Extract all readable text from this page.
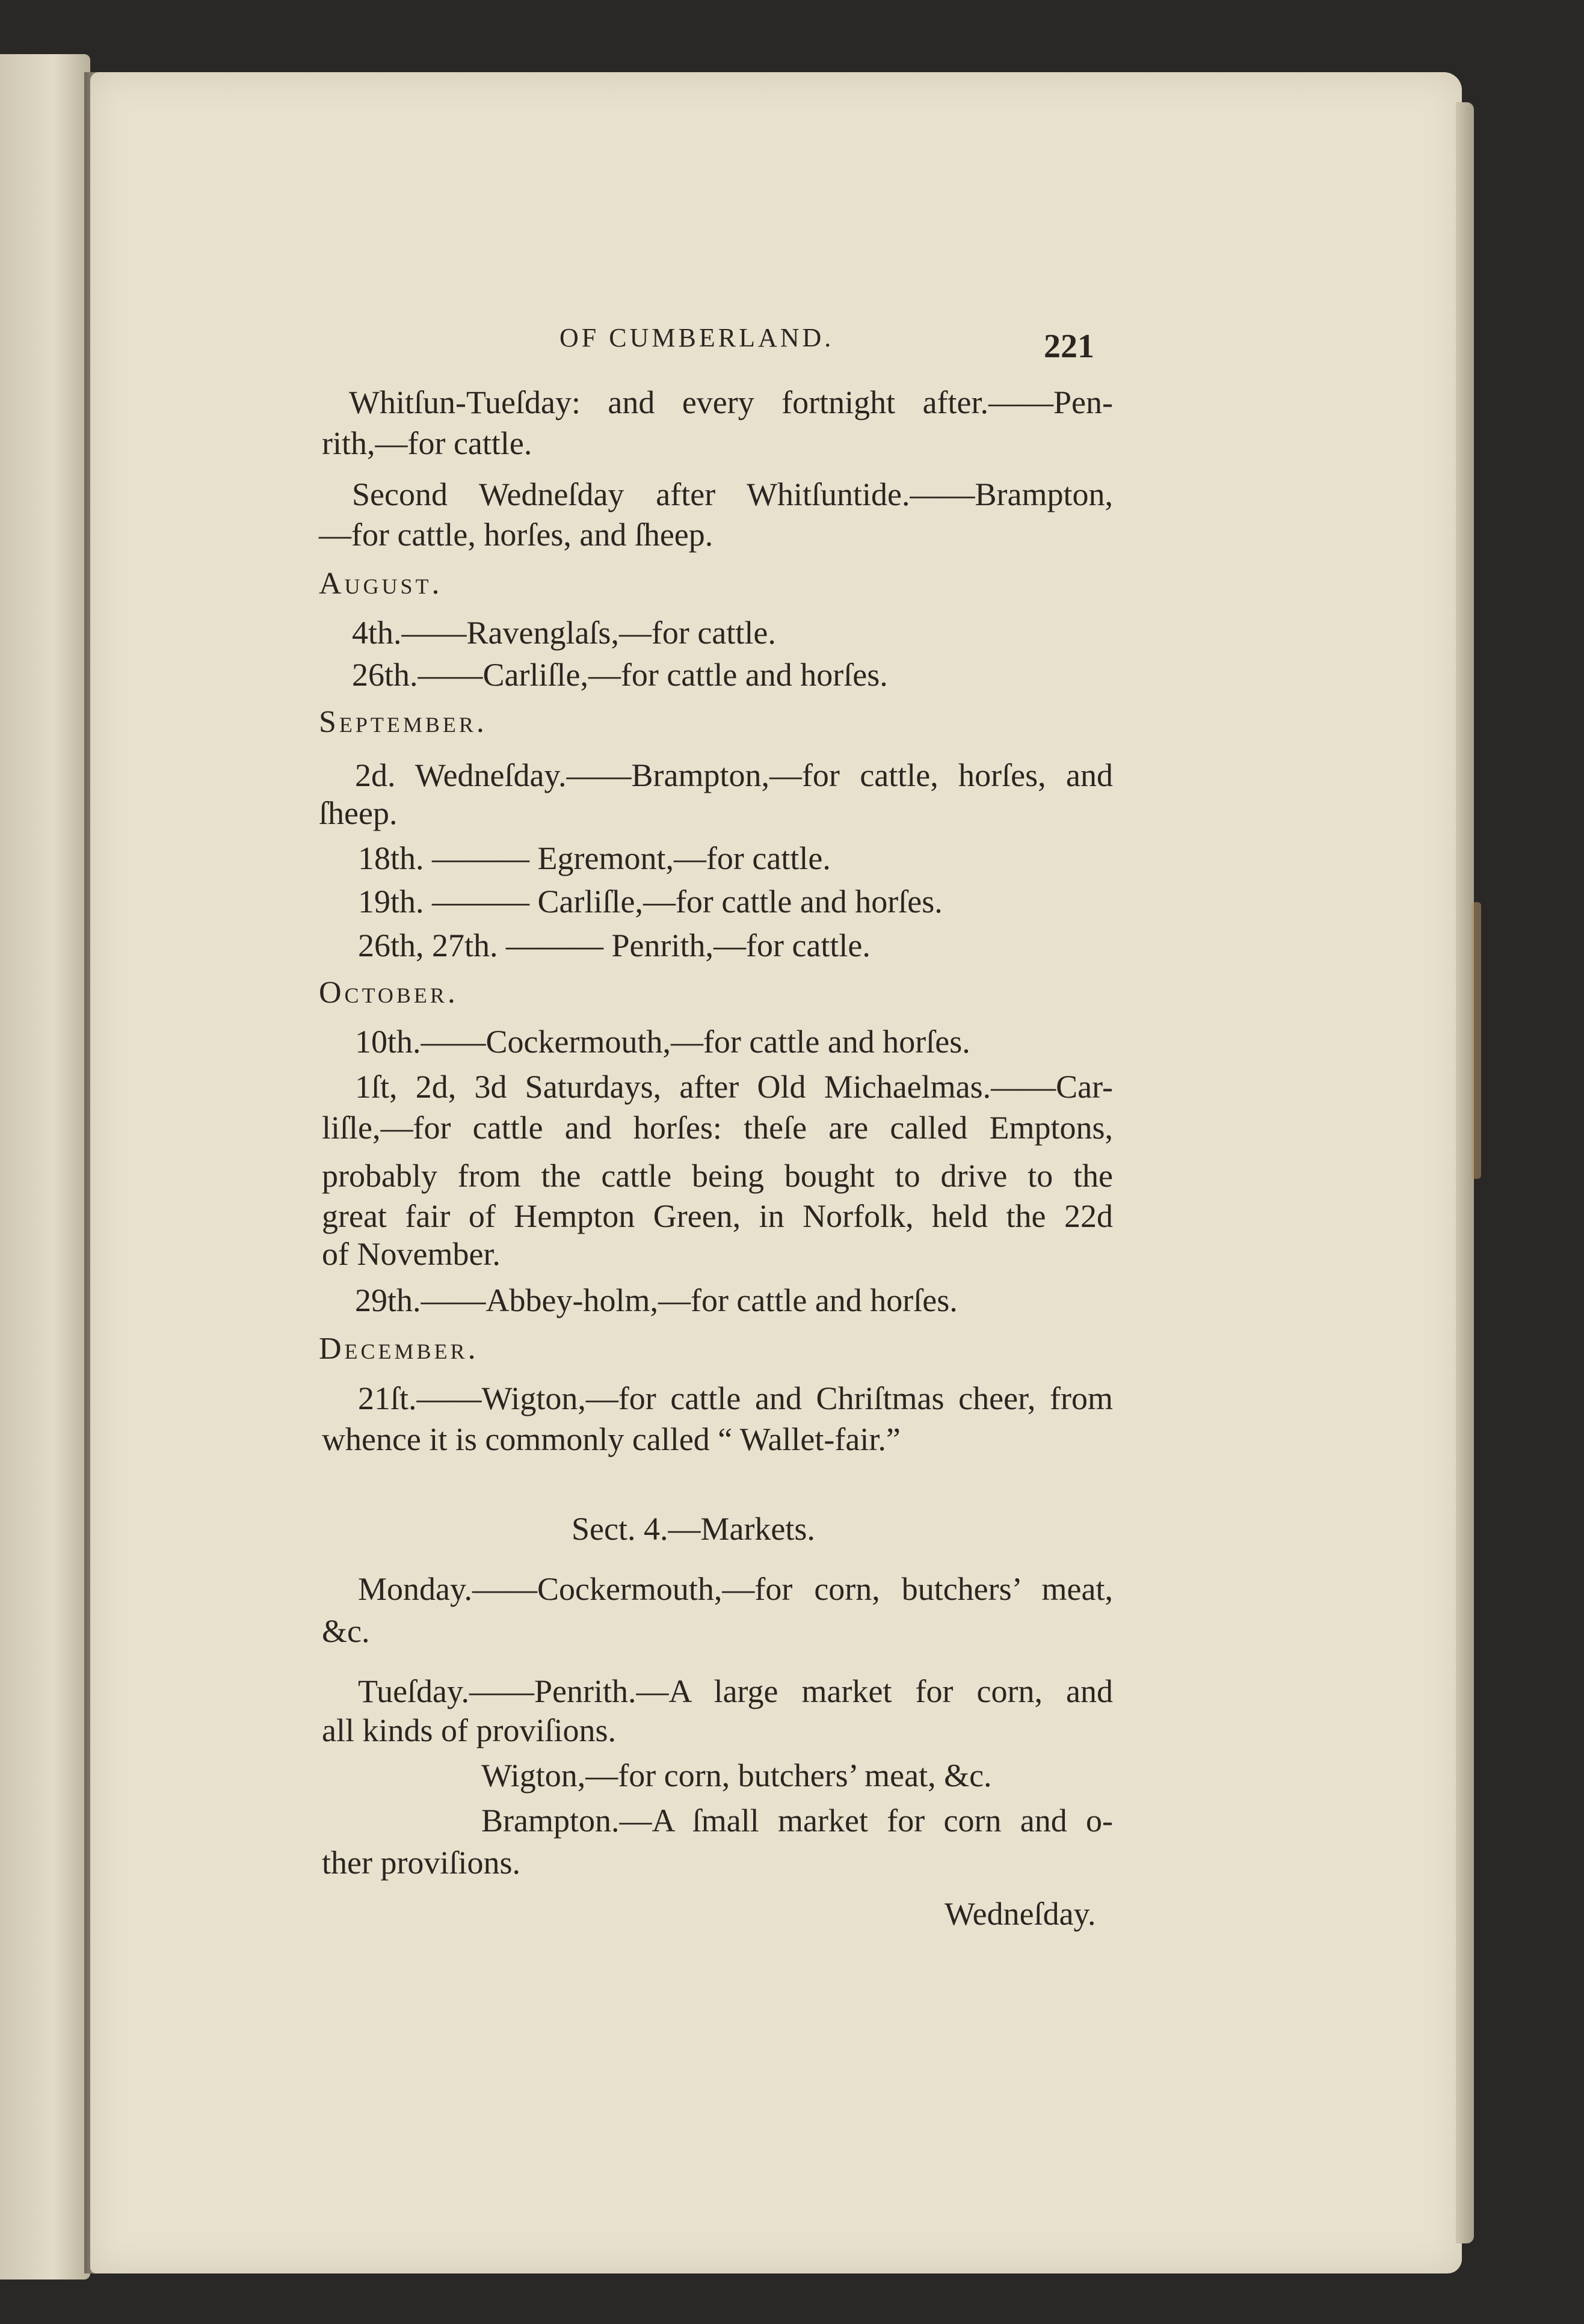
OF CUMBERLAND.	221
Whitſun-Tueſday: and every fortnight after.——Pen-
rith,—for cattle.
Second Wedneſday after Whitſuntide.——Brampton,
—for cattle, horſes, and ſheep.
August.
4th.——Ravenglaſs,—for cattle.
26th.——Carliſle,—for cattle and horſes.
September.
2d. Wedneſday.——Brampton,—for cattle, horſes, and
ſheep.
18th. ——— Egremont,—for cattle.
19th. ——— Carliſle,—for cattle and horſes.
26th, 27th. ——— Penrith,—for cattle.
October.
10th.——Cockermouth,—for cattle and horſes.
1ſt, 2d, 3d Saturdays, after Old Michaelmas.——Car-
liſle,—for cattle and horſes: theſe are called Emptons,
probably from the cattle being bought to drive to the
great fair of Hempton Green, in Norfolk, held the 22d
of November.
29th.——Abbey-holm,—for cattle and horſes.
December.
21ſt.——Wigton,—for cattle and Chriſtmas cheer, from
whence it is commonly called “ Wallet-fair.”
Sect. 4.—Markets.
Monday.——Cockermouth,—for corn, butchers’ meat,
&c.
Tueſday.——Penrith.—A large market for corn, and
all kinds of proviſions.
Wigton,—for corn, butchers’ meat, &c.
Brampton.—A ſmall market for corn and o-
ther proviſions.
Wedneſday.
